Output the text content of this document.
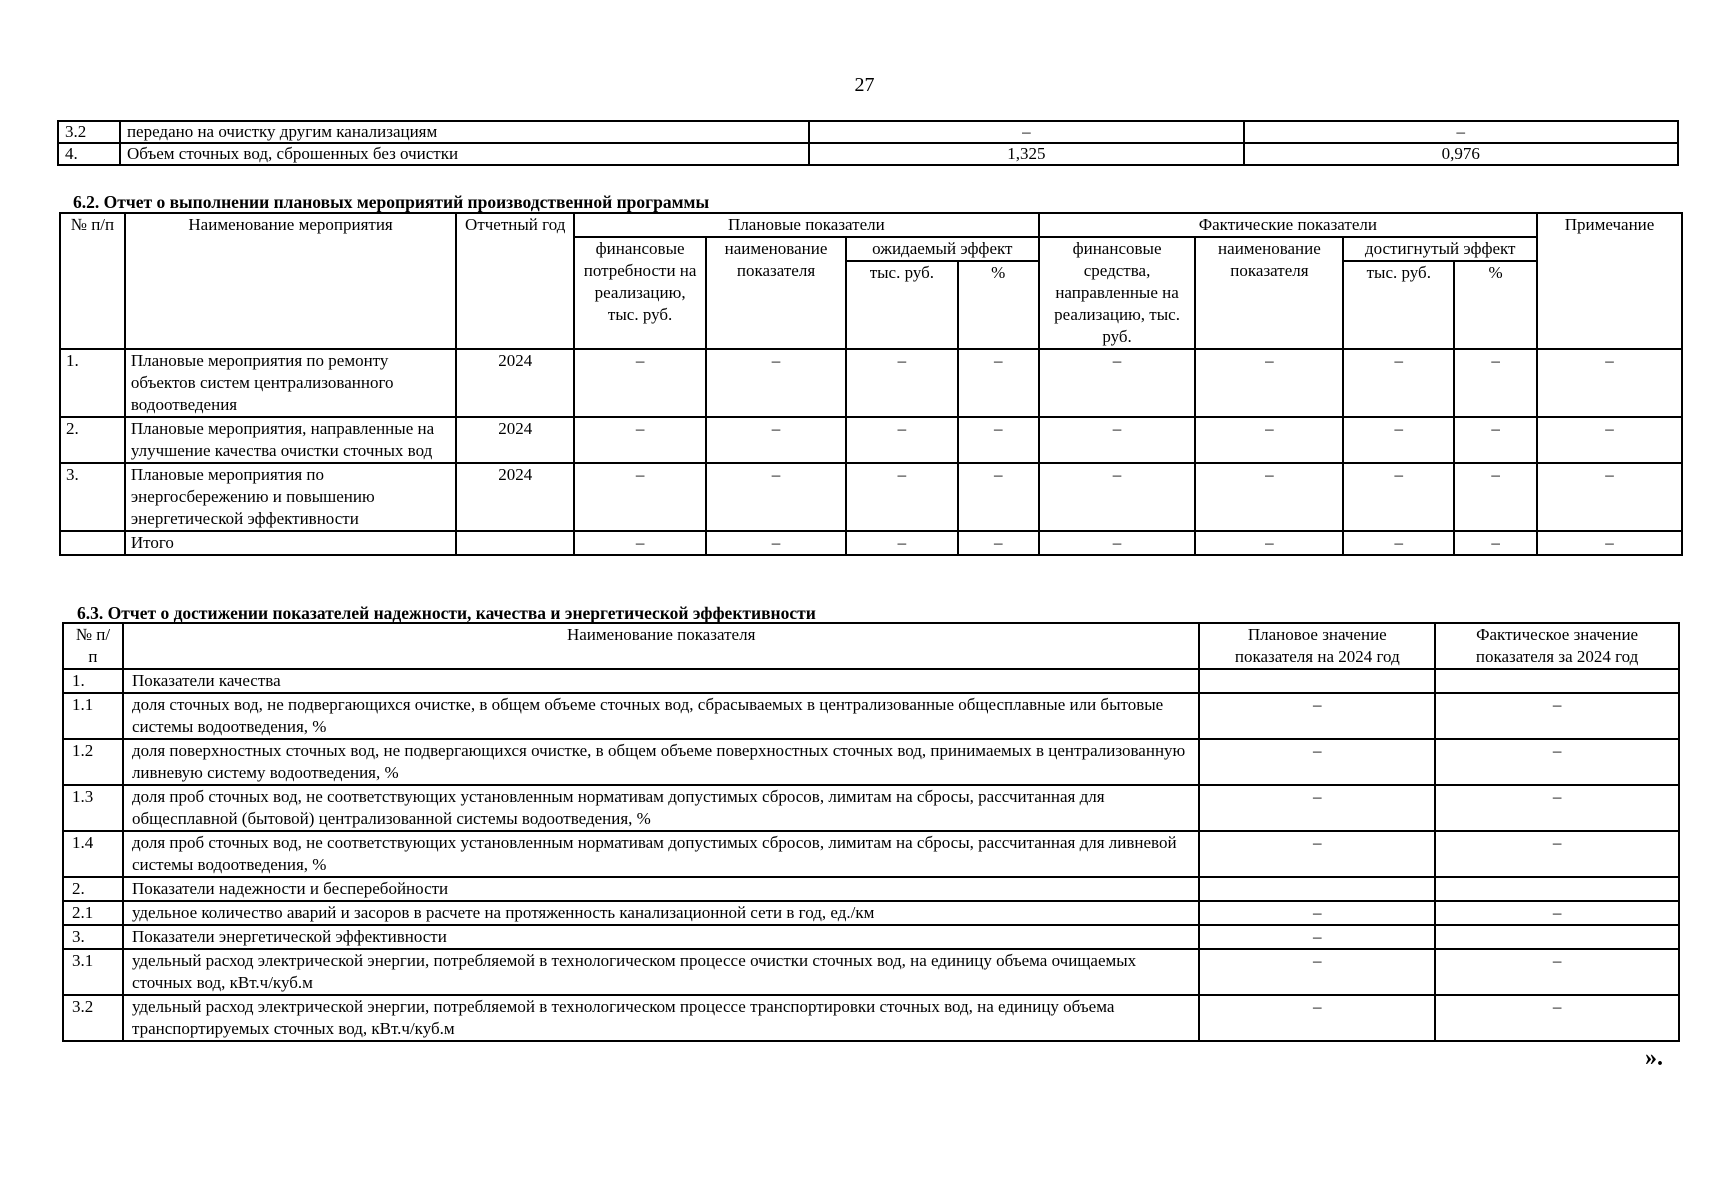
27
3.2	передано на очистку другим канализациям	–	–
4.	Объем сточных вод, сброшенных без очистки	1,325	0,976
6.2. Отчет о выполнении плановых мероприятий производственной программы
№ п/п	Наименование мероприятия	Отчетный год	Плановые показатели				Фактические показатели				Примечание
			финансовые потребности на реализацию, тыс. руб.	наименование показателя	ожидаемый эффект		финансовые средства, направленные на реализацию, тыс. руб.	наименование показателя	достигнутый эффект		
					тыс. руб.	%			тыс. руб.	%	
1.	Плановые мероприятия по ремонту объектов систем централизованного водоотведения	2024	–	–	–	–	–	–	–	–	–
2.	Плановые мероприятия, направленные на улучшение качества очистки сточных вод	2024	–	–	–	–	–	–	–	–	–
3.	Плановые мероприятия по энергосбережению и повышению энергетической эффективности	2024	–	–	–	–	–	–	–	–	–
	Итого		–	–	–	–	–	–	–	–	–
6.3. Отчет о достижении показателей надежности, качества и энергетической эффективности
№ п/п	Наименование показателя	Плановое значение показателя на 2024 год	Фактическое значение показателя за 2024 год
1.	Показатели качества		
1.1	доля сточных вод, не подвергающихся очистке, в общем объеме сточных вод, сбрасываемых в централизованные общесплавные или бытовые системы водоотведения, %	–	–
1.2	доля поверхностных сточных вод, не подвергающихся очистке, в общем объеме поверхностных сточных вод, принимаемых в централизованную ливневую систему водоотведения, %	–	–
1.3	доля проб сточных вод, не соответствующих установленным нормативам допустимых сбросов, лимитам на сбросы, рассчитанная для общесплавной (бытовой) централизованной системы водоотведения, %	–	–
1.4	доля проб сточных вод, не соответствующих установленным нормативам допустимых сбросов, лимитам на сбросы, рассчитанная для ливневой системы водоотведения, %	–	–
2.	Показатели надежности и бесперебойности		
2.1	удельное количество аварий и засоров в расчете на протяженность канализационной сети в год, ед./км	–	–
3.	Показатели энергетической эффективности	–	
3.1	удельный расход электрической энергии, потребляемой в технологическом процессе очистки сточных вод, на единицу объема очищаемых сточных вод, кВт.ч/куб.м	–	–
3.2	удельный расход электрической энергии, потребляемой в технологическом процессе транспортировки сточных вод, на единицу объема транспортируемых сточных вод, кВт.ч/куб.м	–	–
».
